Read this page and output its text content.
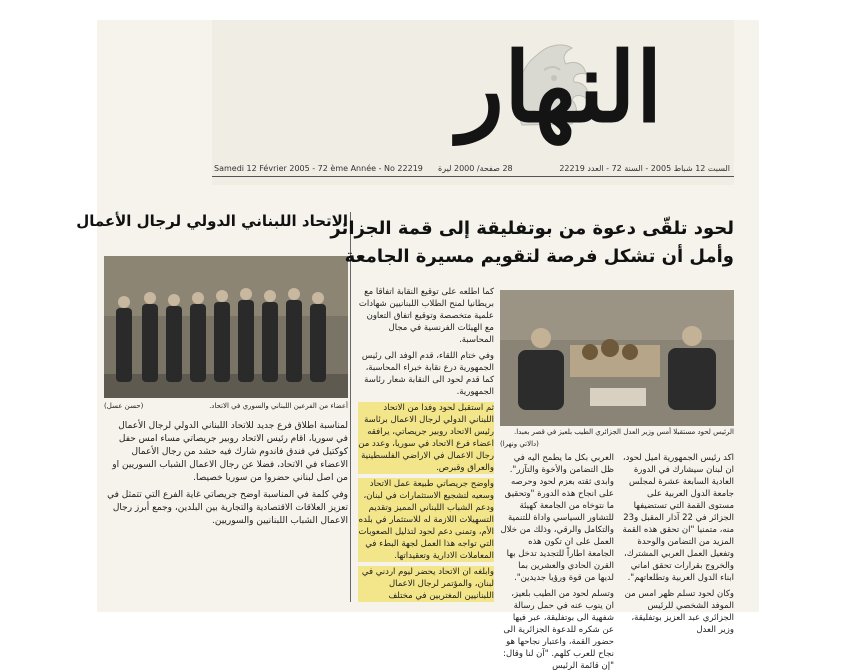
النهار
Samedi 12 Février 2005 - 72 ème Année - No 22219 28 صفحة/ 2000 ليرة	السبت 12 شباط 2005 - السنة 72 - العدد 22219
الاتحاد اللبناني الدولي لرجال الأعمال
(حسن عسل)	أعضاء من الفرعين اللبناني والسوري في الاتحاد.

لمناسبة اطلاق فرع جديد للاتحاد اللبناني الدولي لرجال الأعمال في سوريا، اقام رئيس الاتحاد روبير جريصاتي مساء امس حفل كوكتيل في فندق فاندوم شارك فيه حشد من رجال الأعمال الاعضاء في الاتحاد، فضلا عن رجال الاعمال الشباب السوريين او من اصل لبناني حضروا من سوريا خصيصا.

وفي كلمة في المناسبة اوضح جريصاتي غاية الفرع التي تتمثل في تعزيز العلاقات الاقتصادية والتجارية بين البلدين، وجمع أبرز رجال الاعمال الشباب اللبنانيين والسوريين.

لحود تلقّى دعوة من بوتفليقة إلى قمة الجزائر
وأمل أن تشكل فرصة لتقويم مسيرة الجامعة
الرئيس لحود مستقبلا أمس وزير العدل الجزائري الطيب بلعيز في قصر بعبدا.
(دالاتي ونهرا)

كما اطلعه على توقيع النقابة اتفاقا مع بريطانيا لمنح الطلاب اللبنانيين شهادات علمية متخصصة وتوقيع اتفاق التعاون مع الهيئات الفرنسية في مجال المحاسبة.

وفي ختام اللقاء، قدم الوفد الى رئيس الجمهورية درع نقابة خبراء المحاسبة، كما قدم لحود الى النقابة شعار رئاسة الجمهورية.

ثم استقبل لحود وفدا من الاتحاد اللبناني الدولي لرجال الاعمال برئاسة رئيس الاتحاد روبير جريصاتي، يرافقه اعضاء فرع الاتحاد في سوريا، وعدد من رجال الاعمال في الاراضي الفلسطينية والعراق وقبرص.

واوضح جريصاتي طبيعة عمل الاتحاد وسعيه لتشجيع الاستثمارات في لبنان، ودعم الشباب اللبناني المميز وتقديم التسهيلات اللازمة له للاستثمار في بلده الأم، وتمنى دعم لحود لتذليل الصعوبات التي تواجه هذا العمل لجهة البطء في المعاملات الادارية وتعقيداتها.

وابلغه ان الاتحاد يحضر ليوم اردني في لبنان، والمؤتمر لرجال الاعمال اللبنانيين المغتربين في مختلف

العربي بكل ما يطمح اليه في ظل التضامن والأخوة والتآزر". وابدى ثقته بعزم لحود وحرصه على انجاح هذه الدورة "وتحقيق ما نتوخاه من الجامعة كهيئة للتشاور السياسي واداة للتنمية والتكامل والرقي، وذلك من خلال العمل على ان تكون هذه الجامعة اطاراً للتجديد تدخل بها القرن الحادي والعشرين بما لديها من قوة ورؤيا جديدين".

وتسلم لحود من الطيب بلعيز، ان ينوب عنه في حمل رسالة شفهية الى بوتفليقة، عبر فيها عن شكره للدعوة الجزائرية الى حضور القمة، واعتبار نجاحها هو نجاح للعرب كلهم. "آن لنا وقال: "إن قائمة الرئيس

اكد رئيس الجمهورية اميل لحود، ان لبنان سيشارك في الدورة العادية السابعة عشرة لمجلس جامعة الدول العربية على مستوى القمة التي تستضيفها الجزائر في 22 آذار المقبل و23 منه، متمنيا "ان تحقق هذه القمة المزيد من التضامن والوحدة وتفعيل العمل العربي المشترك، والخروج بقرارات تحقق اماني ابناء الدول العربية وتطلعاتهم".

وكان لحود تسلم ظهر امس من الموفد الشخصي للرئيس الجزائري عبد العزيز بوتفليقة، وزير العدل
